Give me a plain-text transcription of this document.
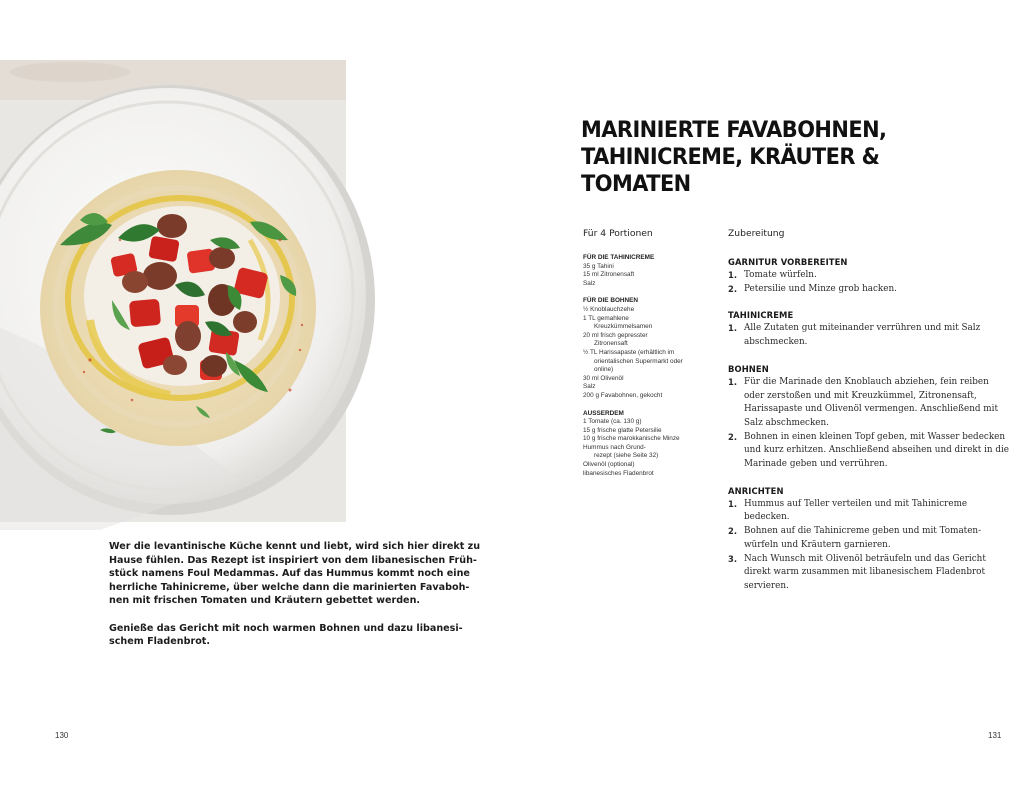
Wer die levantinische Küche kennt und liebt, wird sich hier direkt zu
Hause fühlen. Das Rezept ist inspiriert von dem libanesischen Früh-
stück namens Foul Medammas. Auf das Hummus kommt noch eine
herrliche Tahinicreme, über welche dann die marinierten Favaboh-
nen mit frischen Tomaten und Kräutern gebettet werden.

Genieße das Gericht mit noch warmen Bohnen und dazu libanesi-
schem Fladenbrot.

130
MARINIERTE FAVABOHNEN,
TAHINICREME, KRÄUTER &
TOMATEN
Für 4 Portionen
FÜR DIE TAHINICREME
35 g Tahini
15 ml Zitronensaft
Salz
FÜR DIE BOHNEN
½ Knoblauchzehe
1 TL gemahlene
Kreuzkümmelsamen
20 ml frisch gepresster
Zitronensaft
½ TL Harissapaste (erhältlich im
orientalischen Supermarkt oder
online)
30 ml Olivenöl
Salz
200 g Favabohnen, gekocht
AUSSERDEM
1 Tomate (ca. 130 g)
15 g frische glatte Petersilie
10 g frische marokkanische Minze
Hummus nach Grund-
rezept (siehe Seite 32)
Olivenöl (optional)
libanesisches Fladenbrot
Zubereitung
GARNITUR VORBEREITEN
1. Tomate würfeln.
2. Petersilie und Minze grob hacken.
TAHINICREME
1. Alle Zutaten gut miteinander verrühren und mit Salz
abschmecken.
BOHNEN
1. Für die Marinade den Knoblauch abziehen, fein reiben
oder zerstoßen und mit Kreuzkümmel, Zitronensaft,
Harissapaste und Olivenöl vermengen. Anschließend mit
Salz abschmecken.
2. Bohnen in einen kleinen Topf geben, mit Wasser bedecken
und kurz erhitzen. Anschließend abseihen und direkt in die
Marinade geben und verrühren.
ANRICHTEN
1. Hummus auf Teller verteilen und mit Tahinicreme
bedecken.
2. Bohnen auf die Tahinicreme geben und mit Tomaten-
würfeln und Kräutern garnieren.
3. Nach Wunsch mit Olivenöl beträufeln und das Gericht
direkt warm zusammen mit libanesischem Fladenbrot
servieren.
131
